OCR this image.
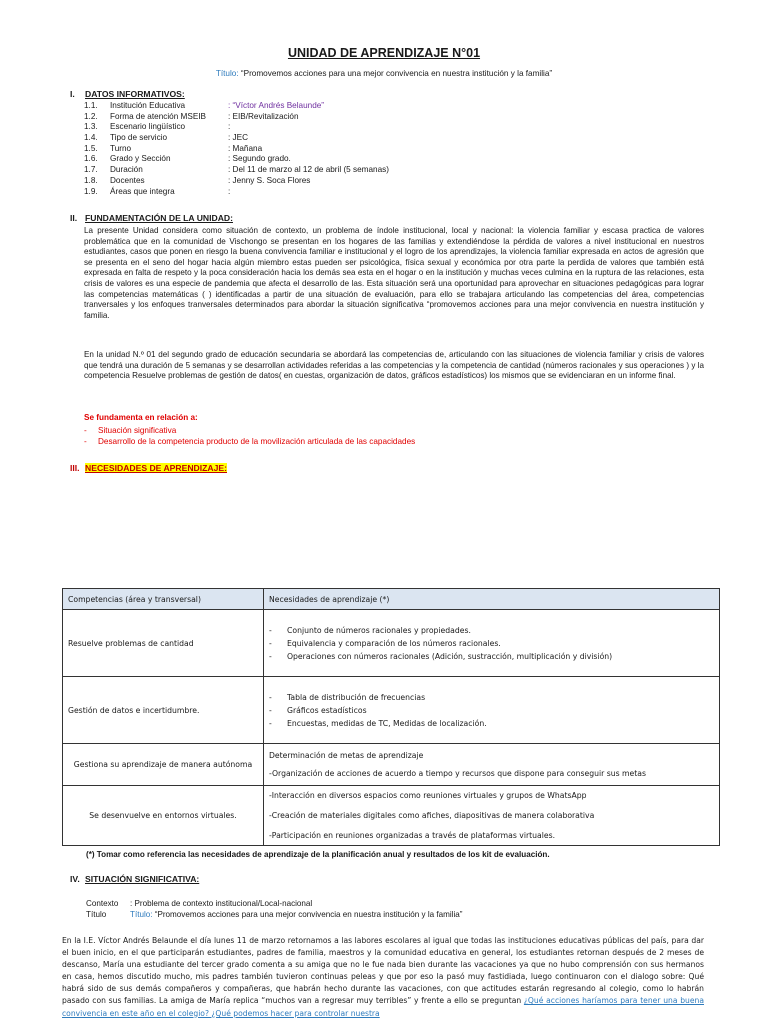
UNIDAD DE APRENDIZAJE N°01
Título: “Promovemos acciones para una mejor convivencia en nuestra institución y la familia”
I. DATOS INFORMATIVOS:
1.1. Institución Educativa	: “Víctor Andrés Belaunde”
1.2. Forma de atención MSEIB	: EIB/Revitalización
1.3. Escenario lingüístico	:
1.4. Tipo de servicio	: JEC
1.5. Turno	: Mañana
1.6. Grado y Sección	: Segundo grado.
1.7. Duración	: Del 11 de marzo al 12 de abril (5 semanas)
1.8. Docentes	: Jenny S. Soca Flores
1.9. Áreas que integra	:
II. FUNDAMENTACIÓN DE LA UNIDAD:
La presente Unidad considera como situación de contexto, un problema de índole institucional, local y nacional: la violencia familiar y escasa practica de valores problemática que en la comunidad de Vischongo se presentan en los hogares de las familias y extendiéndose la pérdida de valores a nivel institucional en nuestros estudiantes, casos que ponen en riesgo la buena convivencia familiar e institucional y el logro de los aprendizajes, la violencia familiar expresada en actos de agresión que se presenta en el seno del hogar hacia algún miembro estas pueden ser psicológica, física sexual y económica por otra parte la perdida de valores que también está expresada en falta de respeto y la poca consideración hacia los demás sea esta en el hogar o en la institución y muchas veces culmina en la ruptura de las relaciones, esta crisis de valores es una especie de pandemia que afecta el desarrollo de las. Esta situación será una oportunidad para aprovechar en situaciones pedagógicas para lograr las competencias matemáticas ( ) identificadas a partir de una situación de evaluación, para ello se trabajara articulando las competencias del área, competencias tranversales y los enfoques tranversales determinados para abordar la situación significativa “promovemos acciones para una mejor convivencia en nuestra institución y familia.
En la unidad N.º 01 del segundo grado de educación secundaria se abordará las competencias de, articulando con las situaciones de violencia familiar y crisis de valores que tendrá una duración de 5 semanas y se desarrollan actividades referidas a las competencias y la competencia de cantidad (números racionales y sus operaciones ) y la competencia Resuelve problemas de gestión de datos( en cuestas, organización de datos, gráficos estadísticos) los mismos que se evidenciaran en un informe final.
Se fundamenta en relación a:
- Situación significativa
- Desarrollo de la competencia producto de la movilización articulada de las capacidades
III. NECESIDADES DE APRENDIZAJE:
Competencias (área y transversal)	Necesidades de aprendizaje (*)
Resuelve problemas de cantidad	- Conjunto de números racionales y propiedades.
- Equivalencia y comparación de los números racionales.
- Operaciones con números racionales (Adición, sustracción, multiplicación y división)

Gestión de datos e incertidumbre.	- Tabla de distribución de frecuencias
- Gráficos estadísticos
- Encuestas, medidas de TC, Medidas de localización.

Gestiona su aprendizaje de manera autónoma	Determinación de metas de aprendizaje
-Organización de acciones de acuerdo a tiempo y recursos que dispone para conseguir sus metas

Se desenvuelve en entornos virtuales.	-Interacción en diversos espacios como reuniones virtuales y grupos de WhatsApp
-Creación de materiales digitales como afiches, diapositivas de manera colaborativa
-Participación en reuniones organizadas a través de plataformas virtuales.
(*) Tomar como referencia las necesidades de aprendizaje de la planificación anual y resultados de los kit de evaluación.
IV. SITUACIÓN SIGNIFICATIVA:
Contexto : Problema de contexto institucional/Local-nacional
Título	Título: “Promovemos acciones para una mejor convivencia en nuestra institución y la familia”
En la I.E. Víctor Andrés Belaunde el día lunes 11 de marzo retornamos a las labores escolares al igual que todas las instituciones educativas públicas del país, para dar el buen inicio, en el que participarán estudiantes, padres de familia, maestros y la comunidad educativa en general, los estudiantes retornan después de 2 meses de descanso, María una estudiante del tercer grado comenta a su amiga que no le fue nada bien durante las vacaciones ya que no hubo comprensión con sus hermanos en casa, hemos discutido mucho, mis padres también tuvieron continuas peleas y que por eso la pasó muy fastidiada, luego continuaron con el dialogo sobre: Qué habrá sido de sus demás compañeros y compañeras, que habrán hecho durante las vacaciones, con que actitudes estarán regresando al colegio, como lo habrán pasado con sus familias. La amiga de María replica “muchos van a regresar muy terribles” y frente a ello se preguntan ¿Qué acciones haríamos para tener una buena convivencia en este año en el colegio? ¿Qué podemos hacer para controlar nuestra
